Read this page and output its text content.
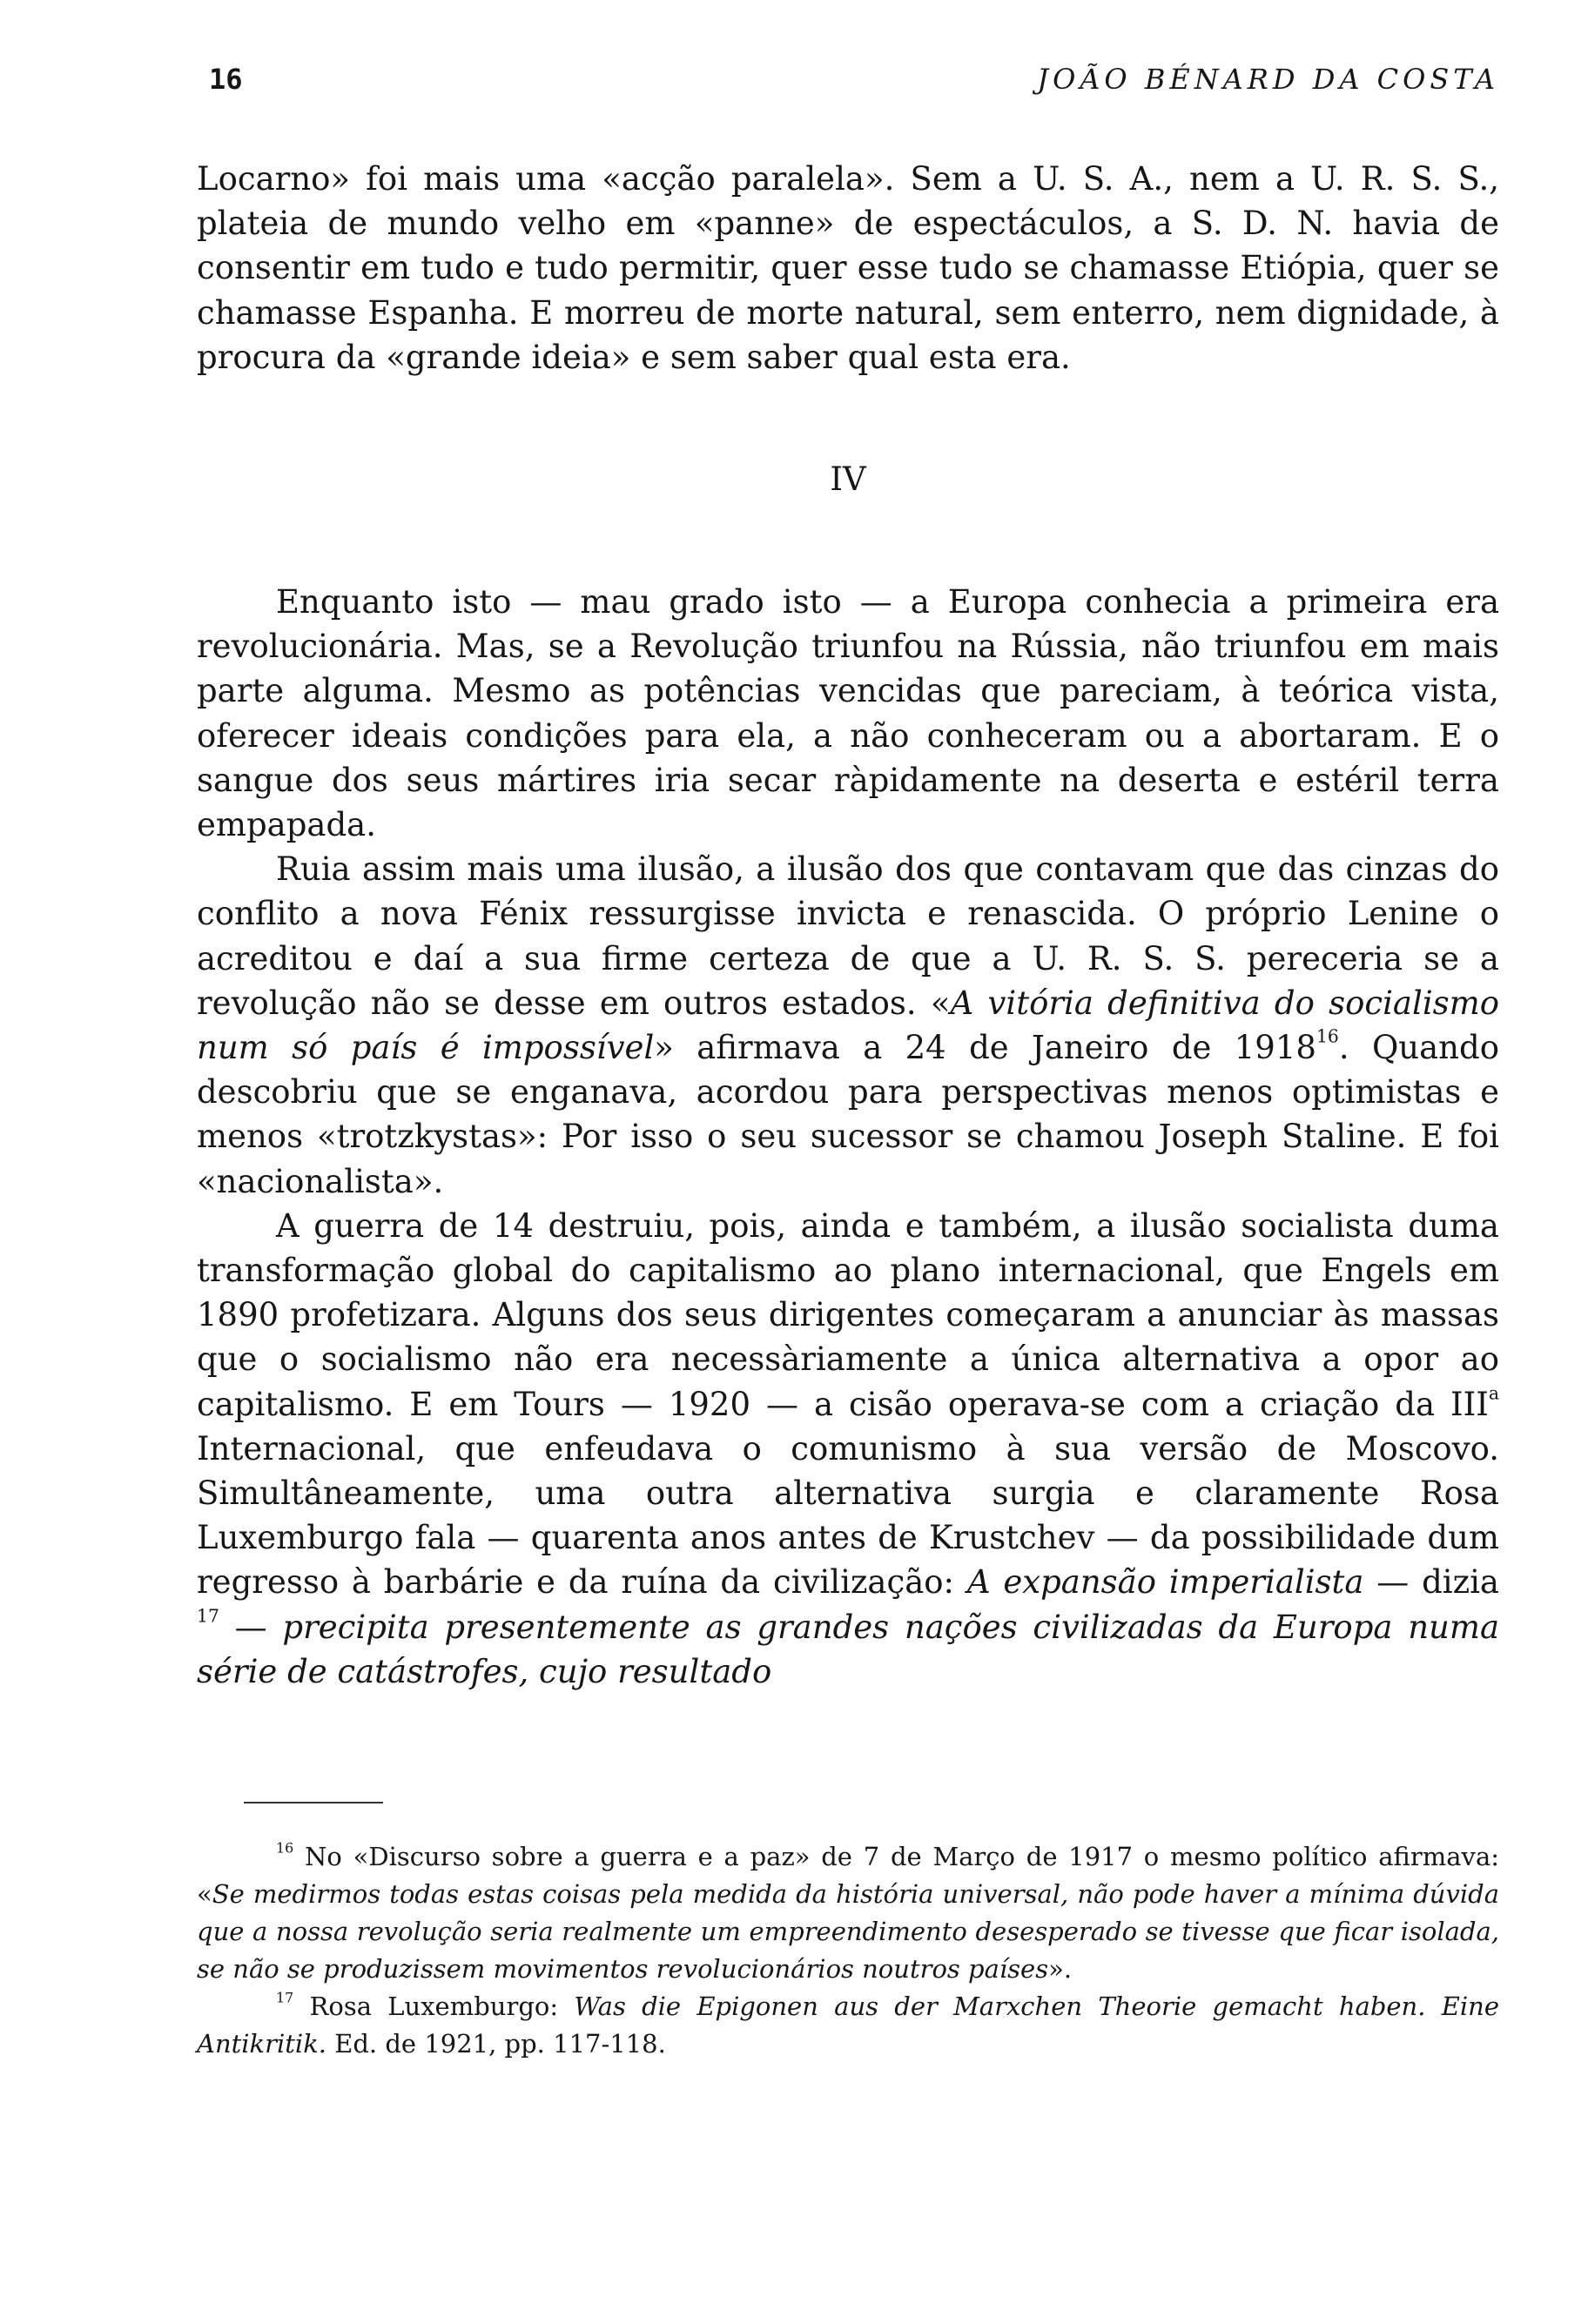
16	JOÃO BÉNARD DA COSTA

Locarno» foi mais uma «acção paralela». Sem a U. S. A., nem a U. R. S. S., plateia de mundo velho em «panne» de espectáculos, a S. D. N. havia de consentir em tudo e tudo permitir, quer esse tudo se chamasse Etiópia, quer se chamasse Espanha. E morreu de morte natural, sem enterro, nem dignidade, à procura da «grande ideia» e sem saber qual esta era.

IV

Enquanto isto — mau grado isto — a Europa conhecia a primeira era revolucionária. Mas, se a Revolução triunfou na Rússia, não triunfou em mais parte alguma. Mesmo as potências vencidas que pareciam, à teórica vista, oferecer ideais condições para ela, a não conheceram ou a abortaram. E o sangue dos seus mártires iria secar ràpidamente na deserta e estéril terra empapada.

Ruia assim mais uma ilusão, a ilusão dos que contavam que das cinzas do conflito a nova Fénix ressurgisse invicta e renascida. O próprio Lenine o acreditou e daí a sua firme certeza de que a U. R. S. S. pereceria se a revolução não se desse em outros estados. «A vitória definitiva do socialismo num só país é impossível» afirmava a 24 de Janeiro de 1918$^{16}$. Quando descobriu que se enganava, acordou para perspectivas menos optimistas e menos «trotzkystas»: Por isso o seu sucessor se chamou Joseph Staline. E foi «nacionalista».

A guerra de 14 destruiu, pois, ainda e também, a ilusão socialista duma transformação global do capitalismo ao plano internacional, que Engels em 1890 profetizara. Alguns dos seus dirigentes começaram a anunciar às massas que o socialismo não era necessàriamente a única alternativa a opor ao capitalismo. E em Tours — 1920 — a cisão operava-se com a criação da III$^a$ Internacional, que enfeudava o comunismo à sua versão de Moscovo. Simultâneamente, uma outra alternativa surgia e claramente Rosa Luxemburgo fala — quarenta anos antes de Krustchev — da possibilidade dum regresso à barbárie e da ruína da civilização: A expansão imperialista — dizia $^{17}$ — precipita presentemente as grandes nações civilizadas da Europa numa série de catástrofes, cujo resultado

$^{16}$ No «Discurso sobre a guerra e a paz» de 7 de Março de 1917 o mesmo político afirmava: «Se medirmos todas estas coisas pela medida da história universal, não pode haver a mínima dúvida que a nossa revolução seria realmente um empreendimento desesperado se tivesse que ficar isolada, se não se produzissem movimentos revolucionários noutros países».

$^{17}$ Rosa Luxemburgo: Was die Epigonen aus der Marxchen Theorie gemacht haben. Eine Antikritik. Ed. de 1921, pp. 117-118.
